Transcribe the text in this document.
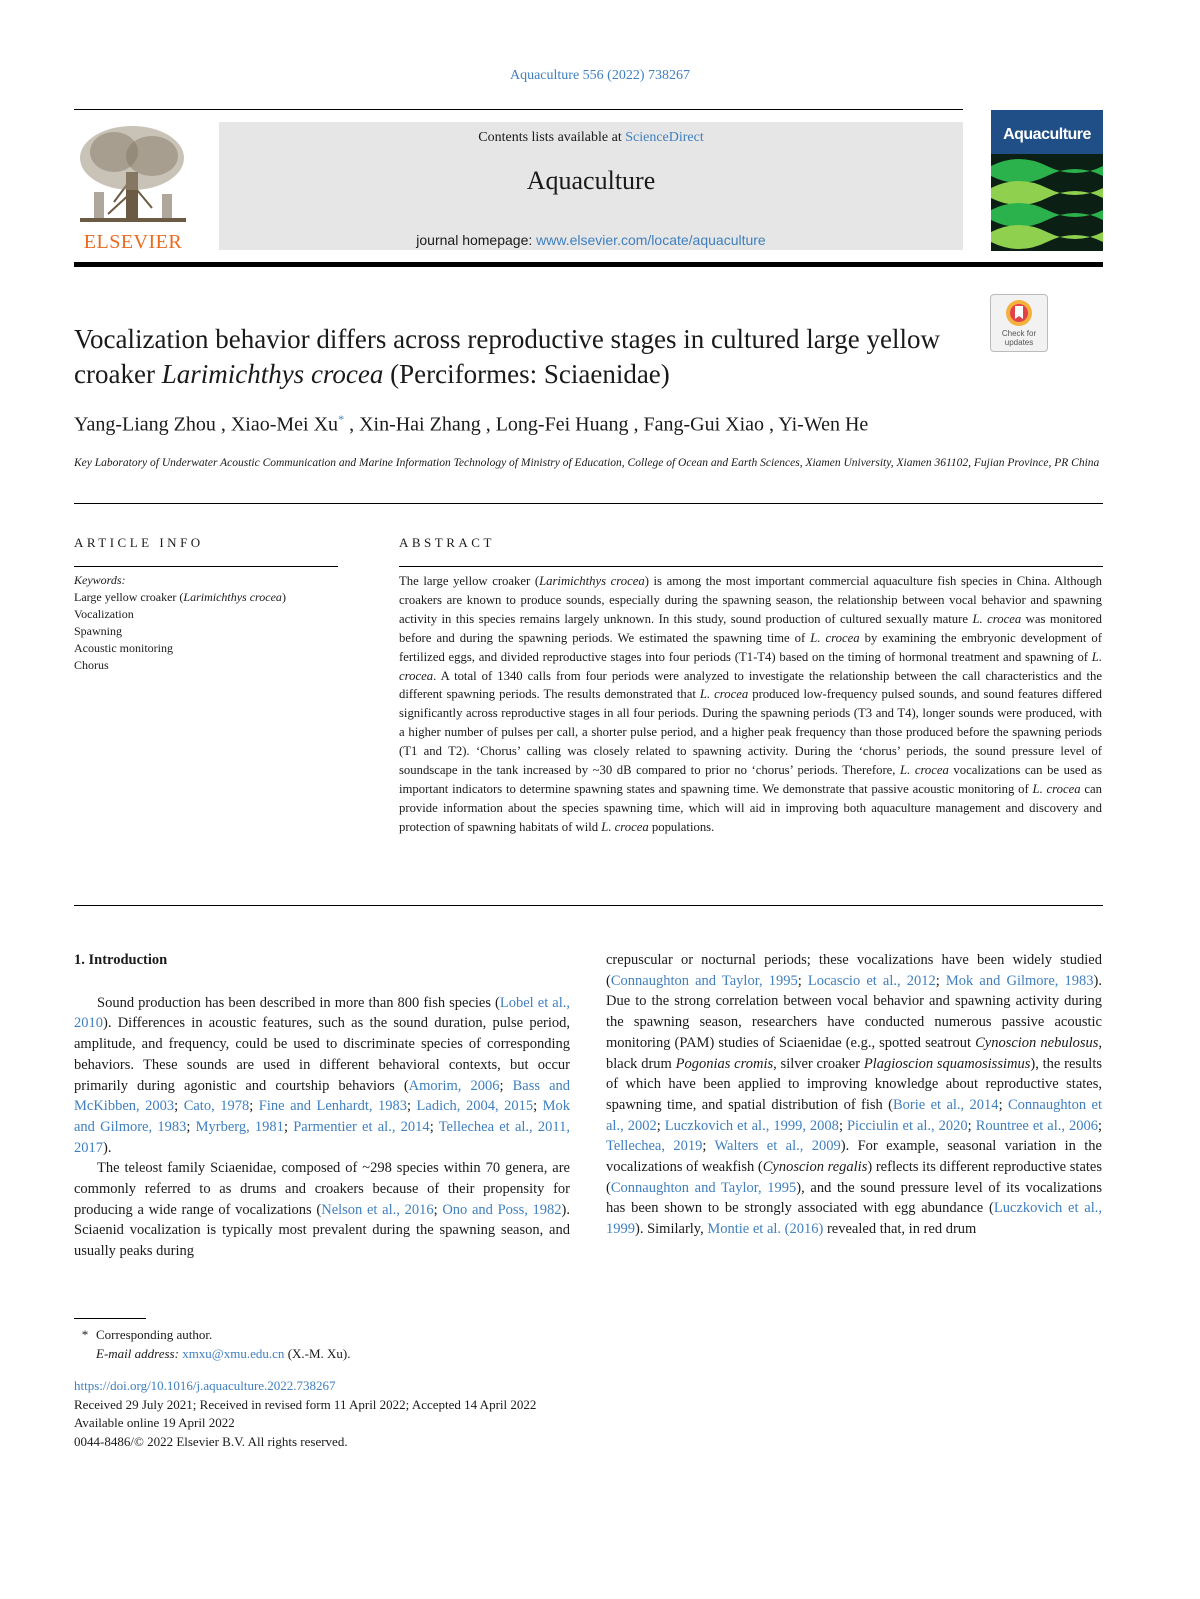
Aquaculture 556 (2022) 738267
ELSEVIER
Contents lists available at ScienceDirect
Aquaculture
journal homepage: www.elsevier.com/locate/aquaculture
Aquaculture
Check for updates
Vocalization behavior differs across reproductive stages in cultured large yellow croaker Larimichthys crocea (Perciformes: Sciaenidae)
Yang-Liang Zhou , Xiao-Mei Xu* , Xin-Hai Zhang , Long-Fei Huang , Fang-Gui Xiao , Yi-Wen He
Key Laboratory of Underwater Acoustic Communication and Marine Information Technology of Ministry of Education, College of Ocean and Earth Sciences, Xiamen University, Xiamen 361102, Fujian Province, PR China
ARTICLE INFO	ABSTRACT
Keywords:
Large yellow croaker (Larimichthys crocea)
Vocalization
Spawning
Acoustic monitoring
Chorus
The large yellow croaker (Larimichthys crocea) is among the most important commercial aquaculture fish species in China. Although croakers are known to produce sounds, especially during the spawning season, the relationship between vocal behavior and spawning activity in this species remains largely unknown. In this study, sound production of cultured sexually mature L. crocea was monitored before and during the spawning periods. We estimated the spawning time of L. crocea by examining the embryonic development of fertilized eggs, and divided reproductive stages into four periods (T1-T4) based on the timing of hormonal treatment and spawning of L. crocea. A total of 1340 calls from four periods were analyzed to investigate the relationship between the call characteristics and the different spawning periods. The results demonstrated that L. crocea produced low-frequency pulsed sounds, and sound features differed significantly across reproductive stages in all four periods. During the spawning periods (T3 and T4), longer sounds were produced, with a higher number of pulses per call, a shorter pulse period, and a higher peak frequency than those produced before the spawning periods (T1 and T2). ‘Chorus’ calling was closely related to spawning activity. During the ‘chorus’ periods, the sound pressure level of soundscape in the tank increased by ~30 dB compared to prior no ‘chorus’ periods. Therefore, L. crocea vocalizations can be used as important indicators to determine spawning states and spawning time. We demonstrate that passive acoustic monitoring of L. crocea can provide information about the species spawning time, which will aid in improving both aquaculture management and discovery and protection of spawning habitats of wild L. crocea populations.
1. Introduction

Sound production has been described in more than 800 fish species (Lobel et al., 2010). Differences in acoustic features, such as the sound duration, pulse period, amplitude, and frequency, could be used to discriminate species of corresponding behaviors. These sounds are used in different behavioral contexts, but occur primarily during agonistic and courtship behaviors (Amorim, 2006; Bass and McKibben, 2003; Cato, 1978; Fine and Lenhardt, 1983; Ladich, 2004, 2015; Mok and Gilmore, 1983; Myrberg, 1981; Parmentier et al., 2014; Tellechea et al., 2011, 2017).

The teleost family Sciaenidae, composed of ~298 species within 70 genera, are commonly referred to as drums and croakers because of their propensity for producing a wide range of vocalizations (Nelson et al., 2016; Ono and Poss, 1982). Sciaenid vocalization is typically most prevalent during the spawning season, and usually peaks during

crepuscular or nocturnal periods; these vocalizations have been widely studied (Connaughton and Taylor, 1995; Locascio et al., 2012; Mok and Gilmore, 1983). Due to the strong correlation between vocal behavior and spawning activity during the spawning season, researchers have conducted numerous passive acoustic monitoring (PAM) studies of Sciaenidae (e.g., spotted seatrout Cynoscion nebulosus, black drum Pogonias cromis, silver croaker Plagioscion squamosissimus), the results of which have been applied to improving knowledge about reproductive states, spawning time, and spatial distribution of fish (Borie et al., 2014; Connaughton et al., 2002; Luczkovich et al., 1999, 2008; Picciulin et al., 2020; Rountree et al., 2006; Tellechea, 2019; Walters et al., 2009). For example, seasonal variation in the vocalizations of weakfish (Cynoscion regalis) reflects its different reproductive states (Connaughton and Taylor, 1995), and the sound pressure level of its vocalizations has been shown to be strongly associated with egg abundance (Luczkovich et al., 1999). Similarly, Montie et al. (2016) revealed that, in red drum

* Corresponding author.
E-mail address: xmxu@xmu.edu.cn (X.-M. Xu).
https://doi.org/10.1016/j.aquaculture.2022.738267
Received 29 July 2021; Received in revised form 11 April 2022; Accepted 14 April 2022
Available online 19 April 2022
0044-8486/© 2022 Elsevier B.V. All rights reserved.
